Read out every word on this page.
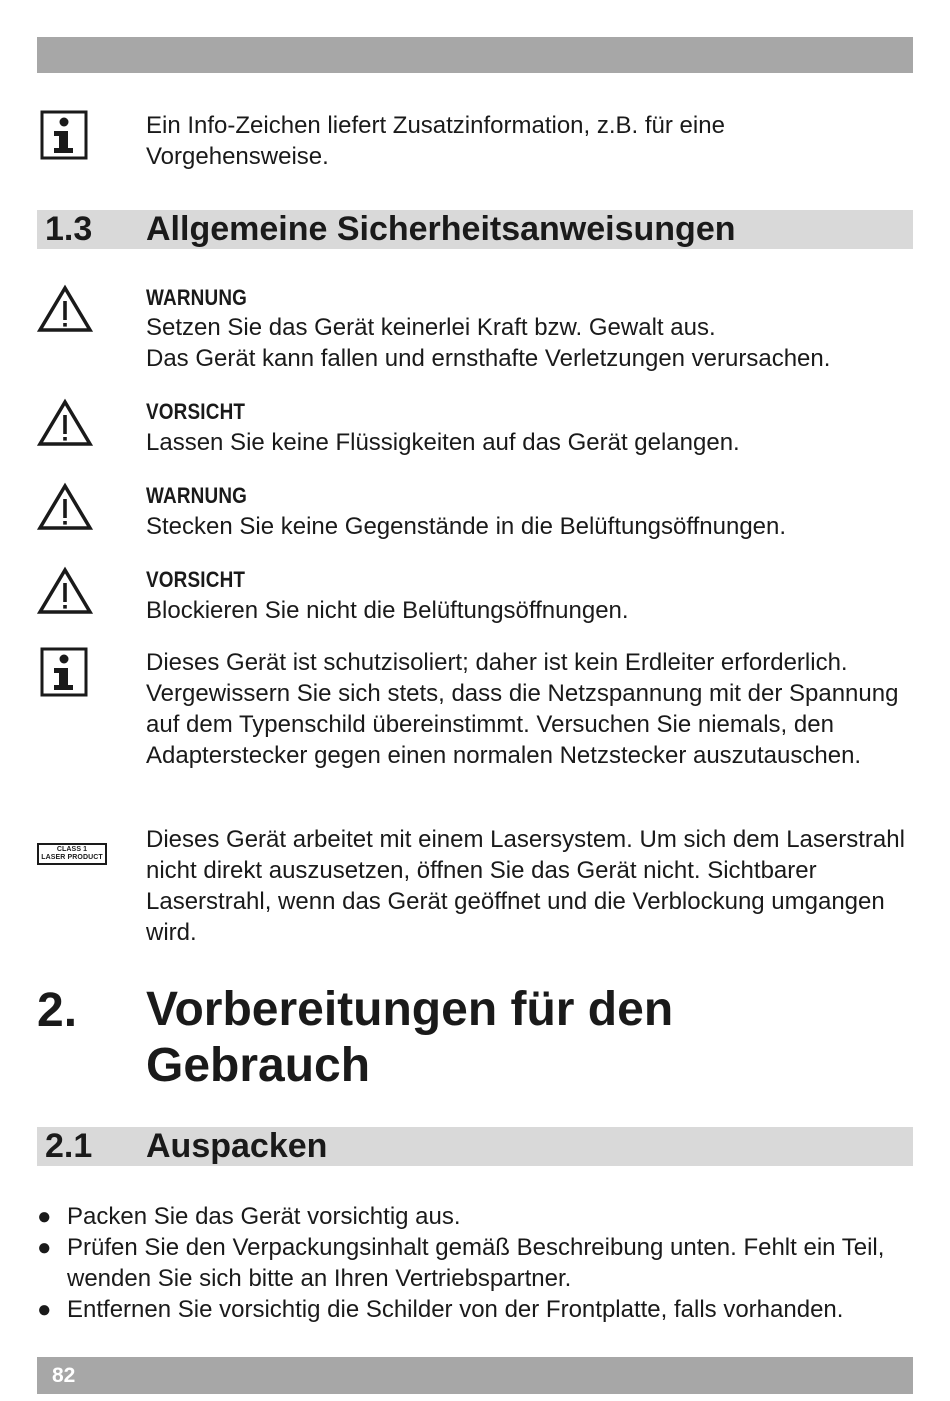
Ein Info-Zeichen liefert Zusatzinformation, z.B. für eine Vorgehensweise.

1.3 Allgemeine Sicherheitsanweisungen
WARNUNG

Setzen Sie das Gerät keinerlei Kraft bzw. Gewalt aus.

Das Gerät kann fallen und ernsthafte Verletzungen verursachen.

VORSICHT

Lassen Sie keine Flüssigkeiten auf das Gerät gelangen.

WARNUNG

Stecken Sie keine Gegenstände in die Belüftungsöffnungen.

VORSICHT

Blockieren Sie nicht die Belüftungsöffnungen.

Dieses Gerät ist schutzisoliert; daher ist kein Erdleiter erforderlich. Vergewissern Sie sich stets, dass die Netzspannung mit der Spannung auf dem Typenschild übereinstimmt. Versuchen Sie niemals, den Adapterstecker gegen einen normalen Netzstecker auszutauschen.

CLASS 1
LASER PRODUCT

Dieses Gerät arbeitet mit einem Lasersystem. Um sich dem Laserstrahl nicht direkt auszusetzen, öffnen Sie das Gerät nicht. Sichtbarer Laserstrahl, wenn das Gerät geöffnet und die Verblockung umgangen wird.

2. Vorbereitungen für den Gebrauch
2.1 Auspacken
● Packen Sie das Gerät vorsichtig aus.
● Prüfen Sie den Verpackungsinhalt gemäß Beschreibung unten. Fehlt ein Teil, wenden Sie sich bitte an Ihren Vertriebspartner.
● Entfernen Sie vorsichtig die Schilder von der Frontplatte, falls vorhanden.
82
